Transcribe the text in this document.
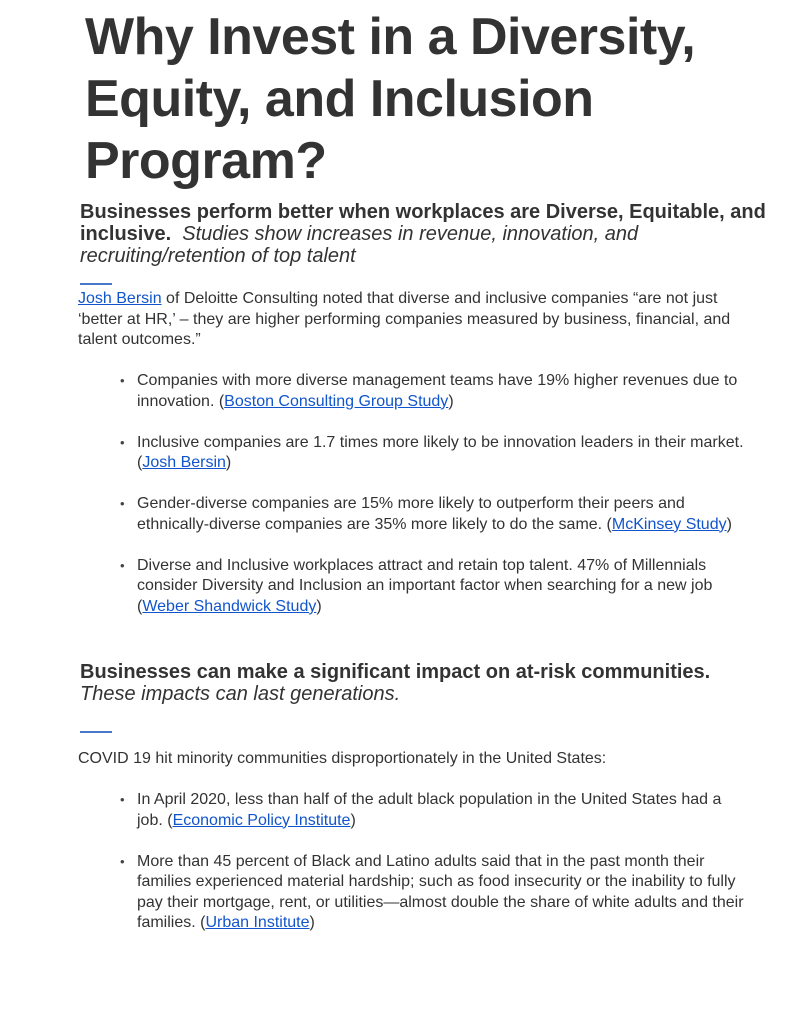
Why Invest in a Diversity, Equity, and Inclusion Program?

Businesses perform better when workplaces are Diverse, Equitable, and inclusive. Studies show increases in revenue, innovation, and recruiting/retention of top talent

Josh Bersin of Deloitte Consulting noted that diverse and inclusive companies “are not just ‘better at HR,’ – they are higher performing companies measured by business, financial, and talent outcomes.”

• Companies with more diverse management teams have 19% higher revenues due to innovation. (Boston Consulting Group Study)
• Inclusive companies are 1.7 times more likely to be innovation leaders in their market. (Josh Bersin)
• Gender-diverse companies are 15% more likely to outperform their peers and ethnically-diverse companies are 35% more likely to do the same. (McKinsey Study)
• Diverse and Inclusive workplaces attract and retain top talent. 47% of Millennials consider Diversity and Inclusion an important factor when searching for a new job (Weber Shandwick Study)

Businesses can make a significant impact on at-risk communities.
These impacts can last generations.

COVID 19 hit minority communities disproportionately in the United States:

• In April 2020, less than half of the adult black population in the United States had a job. (Economic Policy Institute)
• More than 45 percent of Black and Latino adults said that in the past month their families experienced material hardship; such as food insecurity or the inability to fully pay their mortgage, rent, or utilities—almost double the share of white adults and their families. (Urban Institute)
